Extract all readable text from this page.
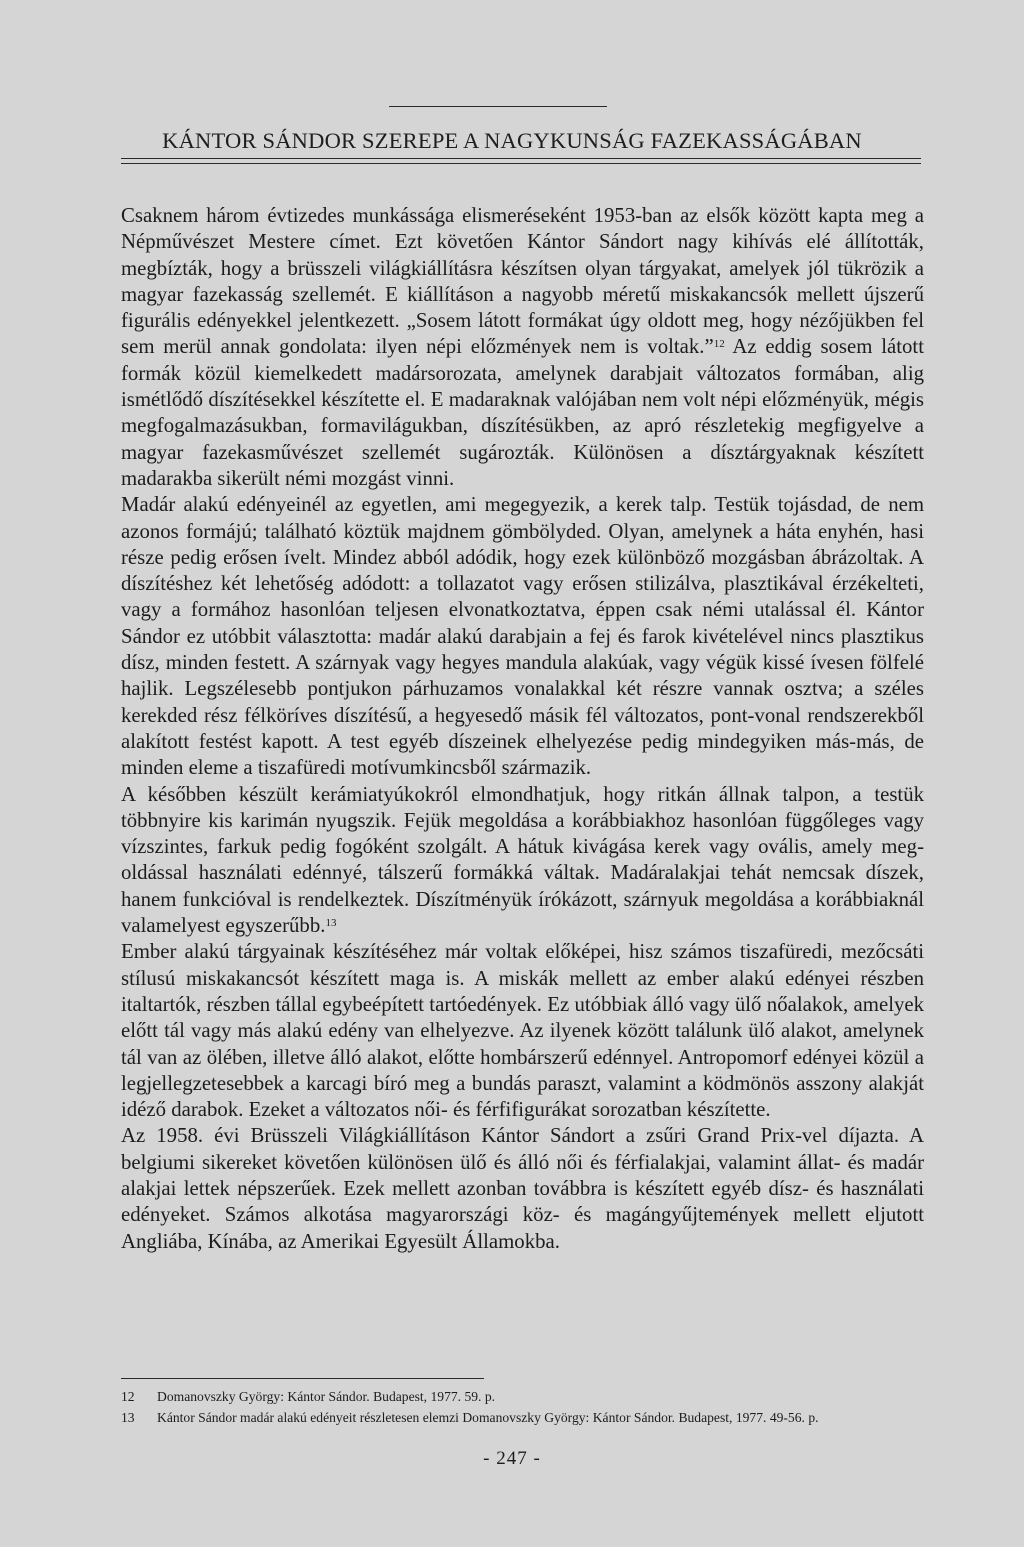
KÁNTOR SÁNDOR SZEREPE A NAGYKUNSÁG FAZEKASSÁGÁBAN

Csaknem három évtizedes munkássága elismeréseként 1953-ban az elsők között kapta meg a Népművészet Mestere címet. Ezt követően Kántor Sándort nagy kihívás elé állították, megbízták, hogy a brüsszeli világkiállításra készítsen olyan tárgyakat, amelyek jól tükrözik a magyar fazekasság szellemét. E kiállításon a nagyobb méretű miskakancsók mellett újszerű figurális edényekkel jelentkezett. „Sosem látott formákat úgy oldott meg, hogy nézőjükben fel sem merül annak gondolata: ilyen népi előzmények nem is voltak.”$^{12}$ Az eddig sosem látott formák közül kiemelkedett madársorozata, amelynek darabjait változatos formában, alig ismétlődő díszítésekkel készítette el. E madaraknak valójában nem volt népi előzményük, mégis megfogalmazásukban, formavilágukban, díszítésükben, az apró részletekig megfigyelve a magyar fazekasművészet szellemét sugározták. Különösen a dísztárgyaknak készített madarakba sikerült némi mozgást vinni.

Madár alakú edényeinél az egyetlen, ami megegyezik, a kerek talp. Testük tojásdad, de nem azonos formájú; található köztük majdnem gömbölyded. Olyan, amelynek a háta enyhén, hasi része pedig erősen ívelt. Mindez abból adódik, hogy ezek különböző mozgásban ábrázoltak. A díszítéshez két lehetőség adódott: a tollazatot vagy erősen stilizálva, plasztikával érzékelteti, vagy a formához hasonlóan teljesen elvonatkoztatva, éppen csak némi utalással él. Kántor Sándor ez utóbbit választotta: madár alakú darabjain a fej és farok kivételével nincs plasztikus dísz, minden festett. A szárnyak vagy hegyes mandula alakúak, vagy végük kissé ívesen fölfelé hajlik. Legszélesebb pontjukon párhuzamos vonalakkal két részre vannak osztva; a széles kerekded rész félköríves díszítésű, a hegyesedő másik fél változatos, pont-vonal rendszerekből alakított festést kapott. A test egyéb díszeinek elhelyezése pedig mindegyiken más-más, de minden eleme a tiszafüredi motívumkincsből származik.

A későbben készült kerámiatyúkokról elmondhatjuk, hogy ritkán állnak talpon, a testük többnyire kis karimán nyugszik. Fejük megoldása a korábbiakhoz hasonlóan függőleges vagy vízszintes, farkuk pedig fogóként szolgált. A hátuk kivágása kerek vagy ovális, amely megoldással használati edénnyé, tálszerű formákká váltak. Madáralakjai tehát nemcsak díszek, hanem funkcióval is rendelkeztek. Díszítményük írókázott, szárnyuk megoldása a korábbiaknál valamelyest egyszerűbb.$^{13}$

Ember alakú tárgyainak készítéséhez már voltak előképei, hisz számos tiszafüredi, mezőcsáti stílusú miskakancsót készített maga is. A miskák mellett az ember alakú edényei részben italtartók, részben tállal egybeépített tartóedények. Ez utóbbiak álló vagy ülő nőalakok, amelyek előtt tál vagy más alakú edény van elhelyezve. Az ilyenek között találunk ülő alakot, amelynek tál van az ölében, illetve álló alakot, előtte hombárszerű edénnyel. Antropomorf edényei közül a legjellegzetesebbek a karcagi bíró meg a bundás paraszt, valamint a ködmönös asszony alakját idéző darabok. Ezeket a változatos női- és férfifigurákat sorozatban készítette.

Az 1958. évi Brüsszeli Világkiállításon Kántor Sándort a zsűri Grand Prix-vel díjazta. A belgiumi sikereket követően különösen ülő és álló női és férfialakjai, valamint állat- és madár alakjai lettek népszerűek. Ezek mellett azonban továbbra is készített egyéb dísz- és használati edényeket. Számos alkotása magyarországi köz- és magángyűjtemények mellett eljutott Angliába, Kínába, az Amerikai Egyesült Államokba.

12	Domanovszky György: Kántor Sándor. Budapest, 1977. 59. p.
13	Kántor Sándor madár alakú edényeit részletesen elemzi Domanovszky György: Kántor Sándor. Budapest, 1977. 49-56. p.
- 247 -
